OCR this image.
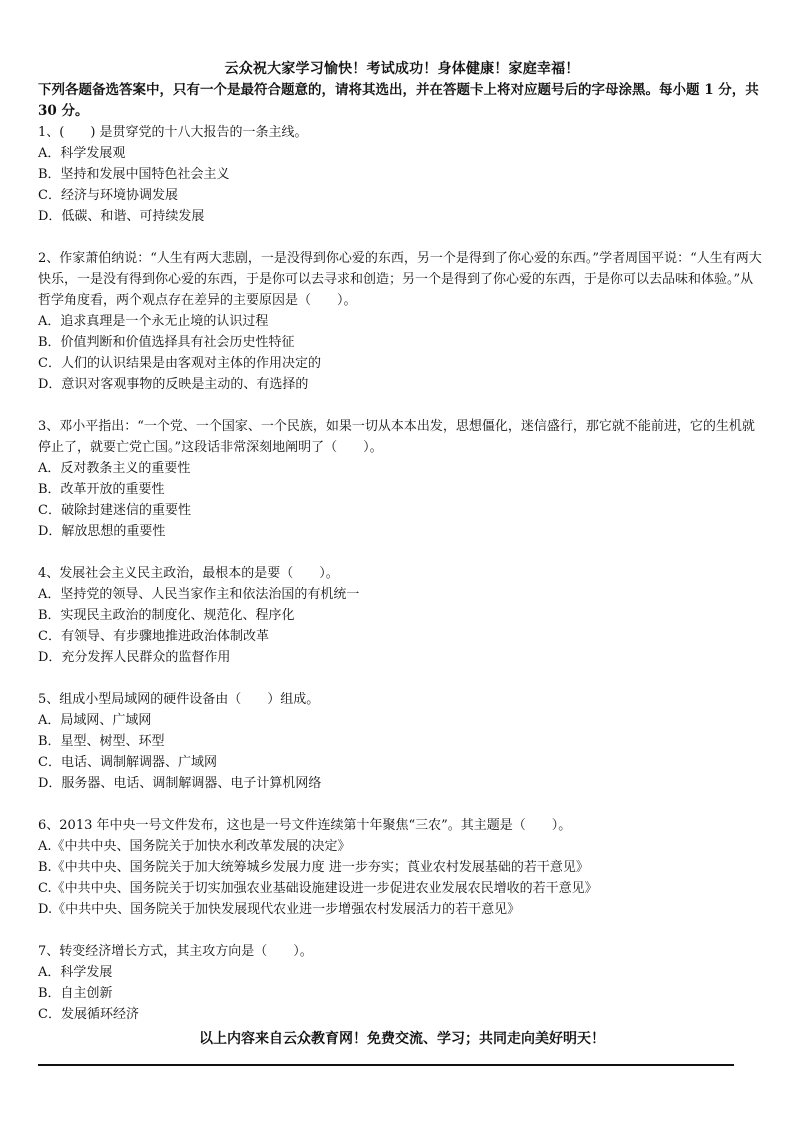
云众祝大家学习愉快！考试成功！身体健康！家庭幸福！
下列各题备选答案中，只有一个是最符合题意的，请将其选出，并在答题卡上将对应题号后的字母涂黑。每小题 1 分，共 30 分。
1、(　　) 是贯穿党的十八大报告的一条主线。
A．科学发展观
B．坚持和发展中国特色社会主义
C．经济与环境协调发展
D．低碳、和谐、可持续发展
2、作家萧伯纳说：“人生有两大悲剧，一是没得到你心爱的东西，另一个是得到了你心爱的东西。”学者周国平说：“人生有两大快乐，一是没有得到你心爱的东西，于是你可以去寻求和创造；另一个是得到了你心爱的东西，于是你可以去品味和体验。”从哲学角度看，两个观点存在差异的主要原因是（　　）。
A．追求真理是一个永无止境的认识过程
B．价值判断和价值选择具有社会历史性特征
C．人们的认识结果是由客观对主体的作用决定的
D．意识对客观事物的反映是主动的、有选择的
3、邓小平指出：“一个党、一个国家、一个民族，如果一切从本本出发，思想僵化，迷信盛行，那它就不能前进，它的生机就停止了，就要亡党亡国。”这段话非常深刻地阐明了（　　）。
A．反对教条主义的重要性
B．改革开放的重要性
C．破除封建迷信的重要性
D．解放思想的重要性
4、发展社会主义民主政治，最根本的是要（　　）。
A．坚持党的领导、人民当家作主和依法治国的有机统一
B．实现民主政治的制度化、规范化、程序化
C．有领导、有步骤地推进政治体制改革
D．充分发挥人民群众的监督作用
5、组成小型局域网的硬件设备由（　　）组成。
A．局域网、广域网
B．星型、树型、环型
C．电话、调制解调器、广域网
D．服务器、电话、调制解调器、电子计算机网络
6、2013 年中央一号文件发布，这也是一号文件连续第十年聚焦“三农”。其主题是（　　）。
A.《中共中央、国务院关于加快水利改革发展的决定》
B.《中共中央、国务院关于加大统筹城乡发展力度 进一步夯实；莨业农村发展基础的若干意见》
C.《中共中央、国务院关于切实加强农业基础设施建设进一步促进农业发展农民增收的若干意见》
D.《中共中央、国务院关于加快发展现代农业进一步增强农村发展活力的若干意见》
7、转变经济增长方式，其主攻方向是（　　）。
A．科学发展
B．自主创新
C．发展循环经济
以上内容来自云众教育网！免费交流、学习；共同走向美好明天！
